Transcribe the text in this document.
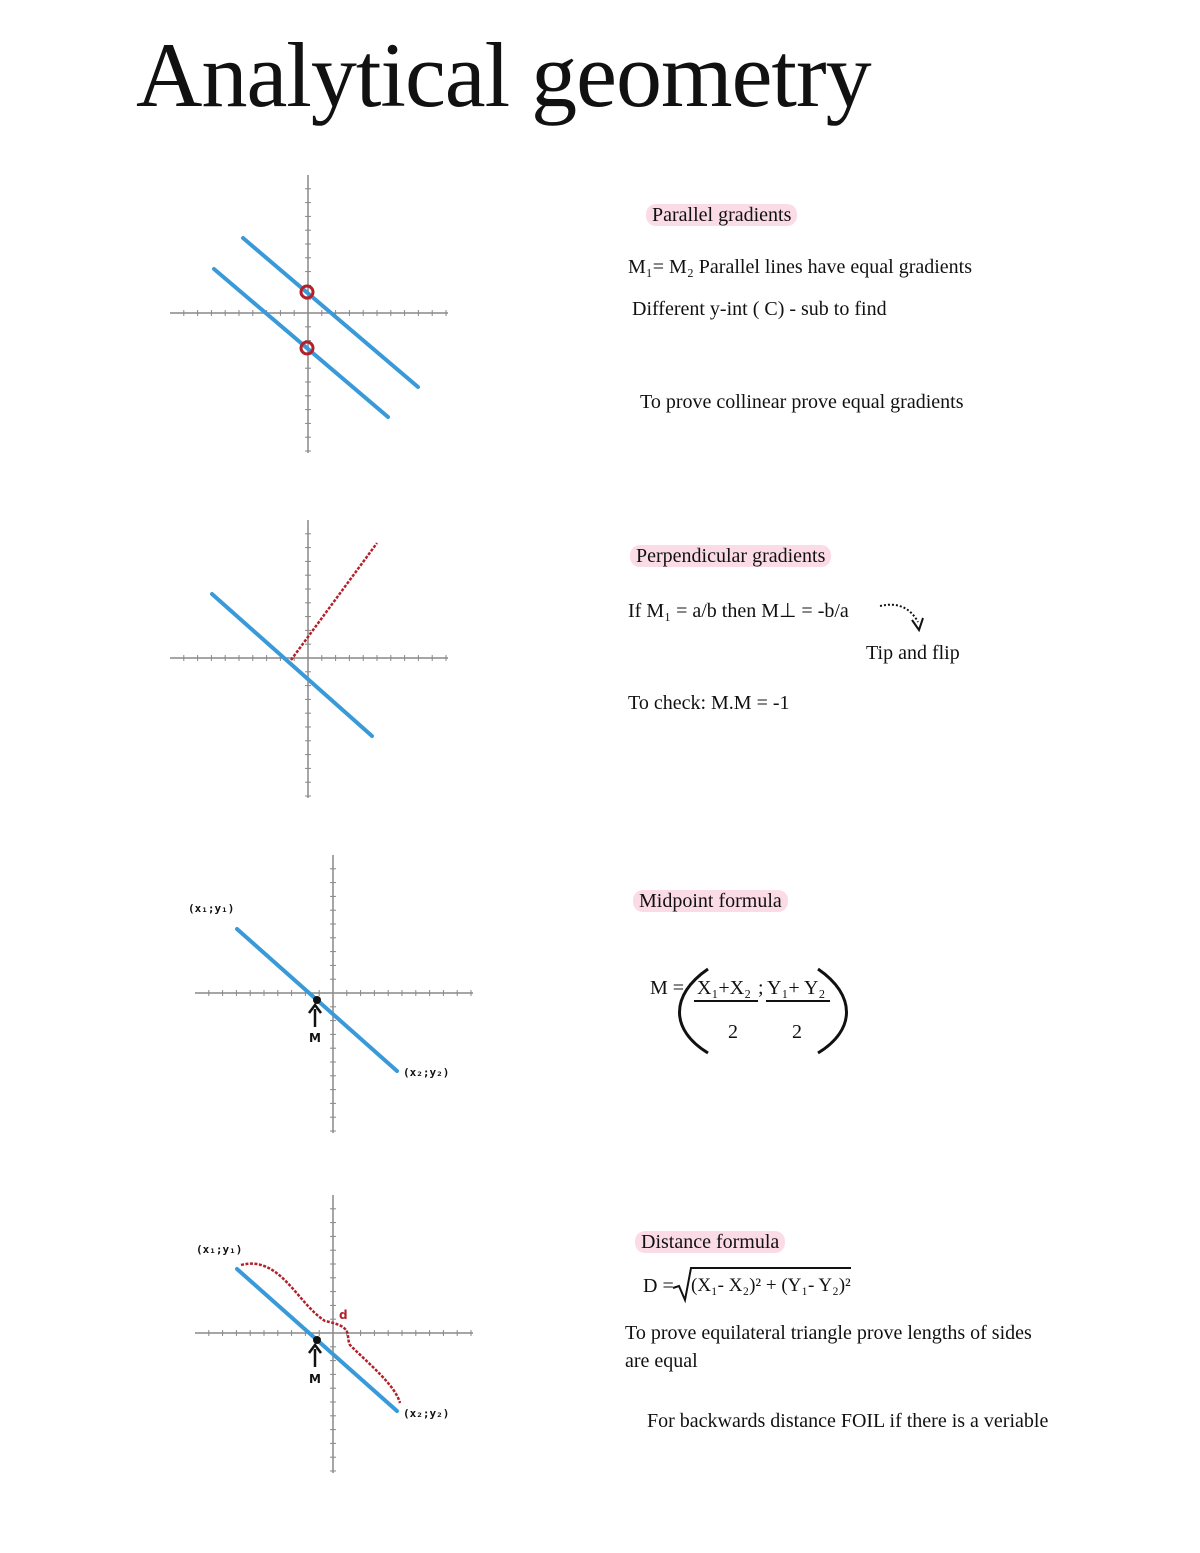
Analytical geometry
Parallel gradients
M₁= M₂ Parallel lines have equal gradients
Different y-int ( C) - sub to find
To prove collinear prove equal gradients
Perpendicular gradients
If M₁ = a/b then M⊥ = -b/a
Tip and flip
To check: M.M = -1
(x₁;y₁)
(x₂;y₂)
M
Midpoint formula
M = X₁+X₂ ; Y₁+ Y₂
2	2
(x₁;y₁)
(x₂;y₂)
M
d
Distance formula
D = (X₁- X₂)² + (Y₁- Y₂)²
To prove equilateral triangle prove lengths of sides
are equal
For backwards distance FOIL if there is a veriable
